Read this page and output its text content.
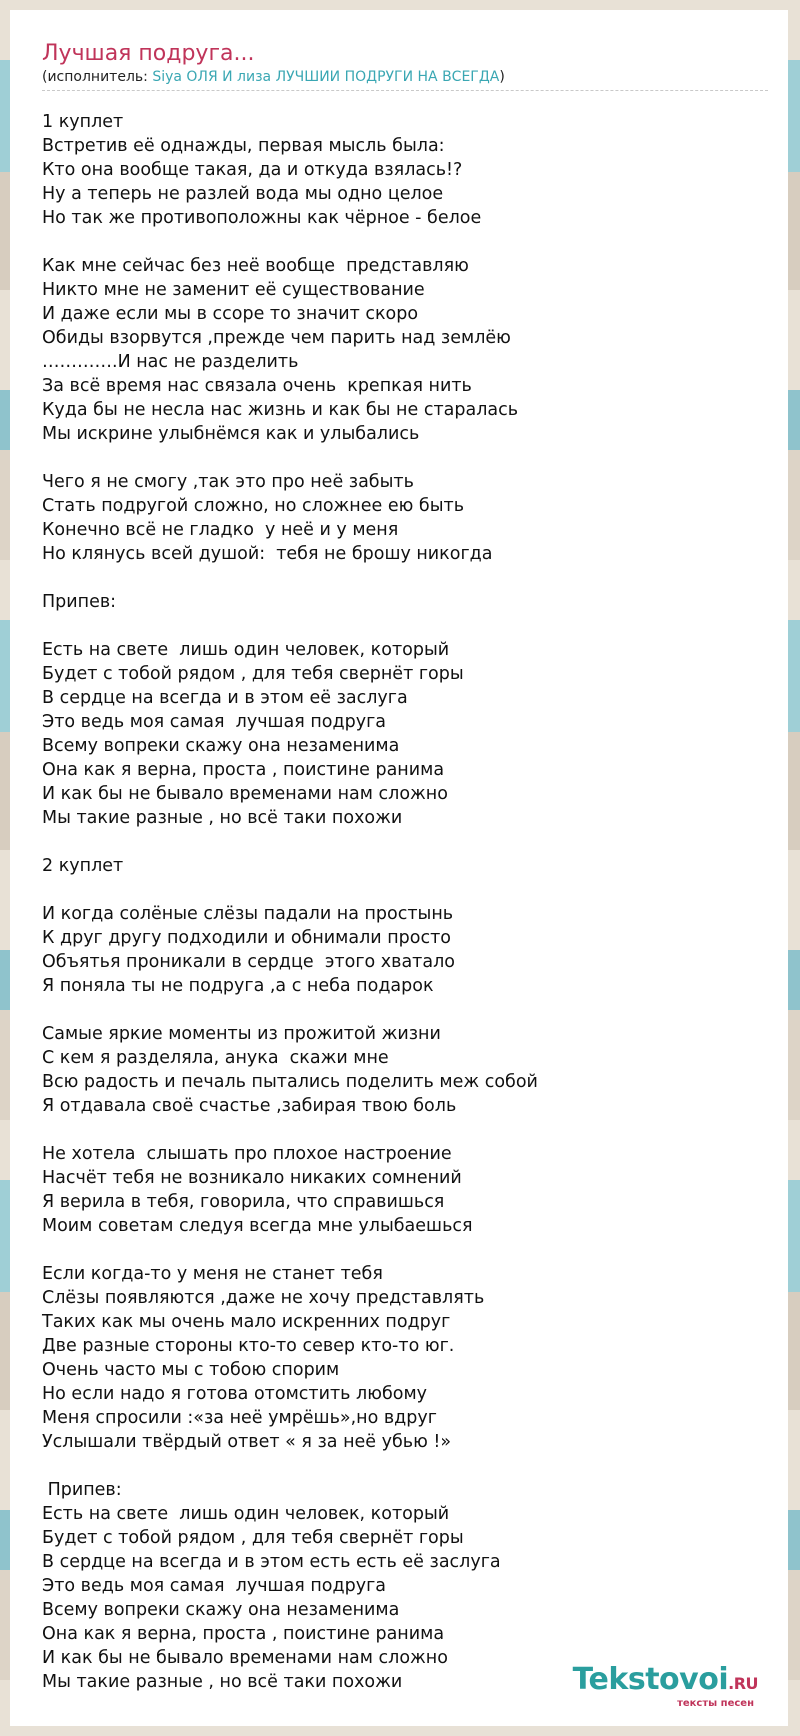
Лучшая подруга...

(исполнитель: Siya ОЛЯ И лиза ЛУЧШИИ ПОДРУГИ НА ВСЕГДА)

1 куплет
Встретив её однажды, первая мысль была:
Кто она вообще такая, да и откуда взялась!?
Ну а теперь не разлей вода мы одно целое
Но так же противоположны как чёрное - белое

Как мне сейчас без неё вообще  представляю
Никто мне не заменит её существование
И даже если мы в ссоре то значит скоро
Обиды взорвутся ,прежде чем парить над землёю
………….И нас не разделить
За всё время нас связала очень  крепкая нить
Куда бы не несла нас жизнь и как бы не старалась
Мы искрине улыбнёмся как и улыбались

Чего я не смогу ,так это про неё забыть
Стать подругой сложно, но сложнее ею быть
Конечно всё не гладко  у неё и у меня
Но клянусь всей душой:  тебя не брошу никогда

Припев:

Есть на свете  лишь один человек, который
Будет с тобой рядом , для тебя свернёт горы
В сердце на всегда и в этом её заслуга
Это ведь моя самая  лучшая подруга
Всему вопреки скажу она незаменима
Она как я верна, проста , поистине ранима
И как бы не бывало временами нам сложно
Мы такие разные , но всё таки похожи

2 куплет

И когда солёные слёзы падали на простынь
К друг другу подходили и обнимали просто
Объятья проникали в сердце  этого хватало
Я поняла ты не подруга ,а с неба подарок

Самые яркие моменты из прожитой жизни
С кем я разделяла, анука  скажи мне
Всю радость и печаль пытались поделить меж собой
Я отдавала своё счастье ,забирая твою боль

Не хотела  слышать про плохое настроение
Насчёт тебя не возникало никаких сомнений
Я верила в тебя, говорила, что справишься
Моим советам следуя всегда мне улыбаешься

Если когда-то у меня не станет тебя
Слёзы появляются ,даже не хочу представлять
Таких как мы очень мало искренних подруг
Две разные стороны кто-то север кто-то юг.
Очень часто мы с тобою спорим
Но если надо я готова отомстить любому
Меня спросили :«за неё умрёшь»,но вдруг
Услышали твёрдый ответ « я за неё убью !»

Припев:
Есть на свете  лишь один человек, который
Будет с тобой рядом , для тебя свернёт горы
В сердце на всегда и в этом есть есть её заслуга
Это ведь моя самая  лучшая подруга
Всему вопреки скажу она незаменима
Она как я верна, проста , поистине ранима
И как бы не бывало временами нам сложно
Мы такие разные , но всё таки похожи	Tekstovoi.RU
тексты песен
